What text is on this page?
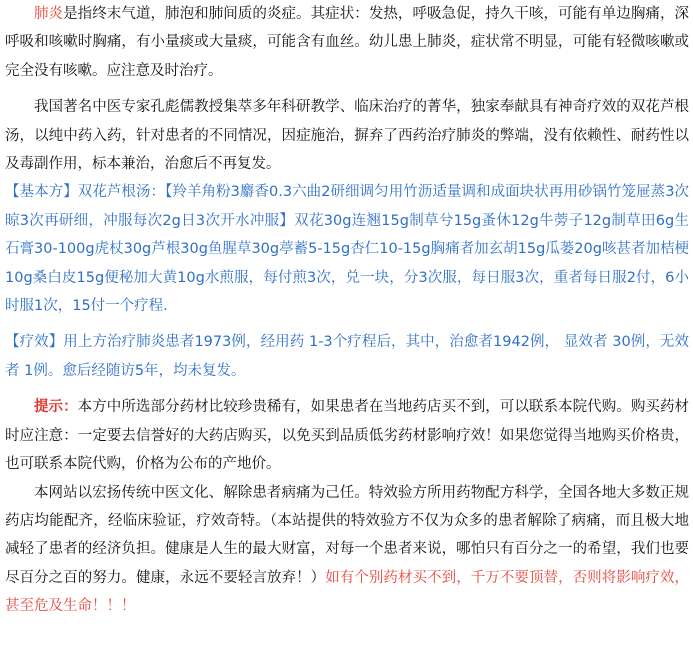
肺炎是指终末气道，肺泡和肺间质的炎症。其症状：发热，呼吸急促，持久干咳，可能有单边胸痛，深呼吸和咳嗽时胸痛，有小量痰或大量痰，可能含有血丝。幼儿患上肺炎，症状常不明显，可能有轻微咳嗽或完全没有咳嗽。应注意及时治疗。

我国著名中医专家孔彪儒教授集萃多年科研教学、临床治疗的菁华，独家奉献具有神奇疗效的双花芦根汤，以纯中药入药，针对患者的不同情况，因症施治，摒弃了西药治疗肺炎的弊端，没有依赖性、耐药性以及毒副作用，标本兼治，治愈后不再复发。

【基本方】双花芦根汤：【羚羊角粉3麝香0.3六曲2研细调匀用竹沥适量调和成面块状再用砂锅竹笼屉蒸3次晾3次再研细，冲服每次2g日3次开水冲服】双花30g连翘15g制草兮15g蚤休12g牛蒡子12g制草田6g生石膏30-100g虎杖30g芦根30g鱼腥草30g葶蓄5-15g杏仁10-15g胸痛者加玄胡15g瓜蒌20g咳甚者加桔梗10g桑白皮15g便秘加大黄10g水煎服，每付煎3次，兑一块，分3次服，每日服3次，重者每日服2付，6小时服1次，15付一个疗程.

【疗效】用上方治疗肺炎患者1973例，经用药 1-3个疗程后，其中，治愈者1942例， 显效者 30例，无效者 1例。愈后经随访5年，均未复发。

提示：本方中所选部分药材比较珍贵稀有，如果患者在当地药店买不到，可以联系本院代购。购买药材时应注意：一定要去信誉好的大药店购买，以免买到品质低劣药材影响疗效！如果您觉得当地购买价格贵，也可联系本院代购，价格为公布的产地价。

本网站以宏扬传统中医文化、解除患者病痛为己任。特效验方所用药物配方科学，全国各地大多数正规药店均能配齐，经临床验证，疗效奇特。（本站提供的特效验方不仅为众多的患者解除了病痛，而且极大地减轻了患者的经济负担。健康是人生的最大财富，对每一个患者来说，哪怕只有百分之一的希望，我们也要尽百分之百的努力。健康，永远不要轻言放弃！）如有个别药材买不到，千万不要顶替，否则将影响疗效，甚至危及生命！！！
